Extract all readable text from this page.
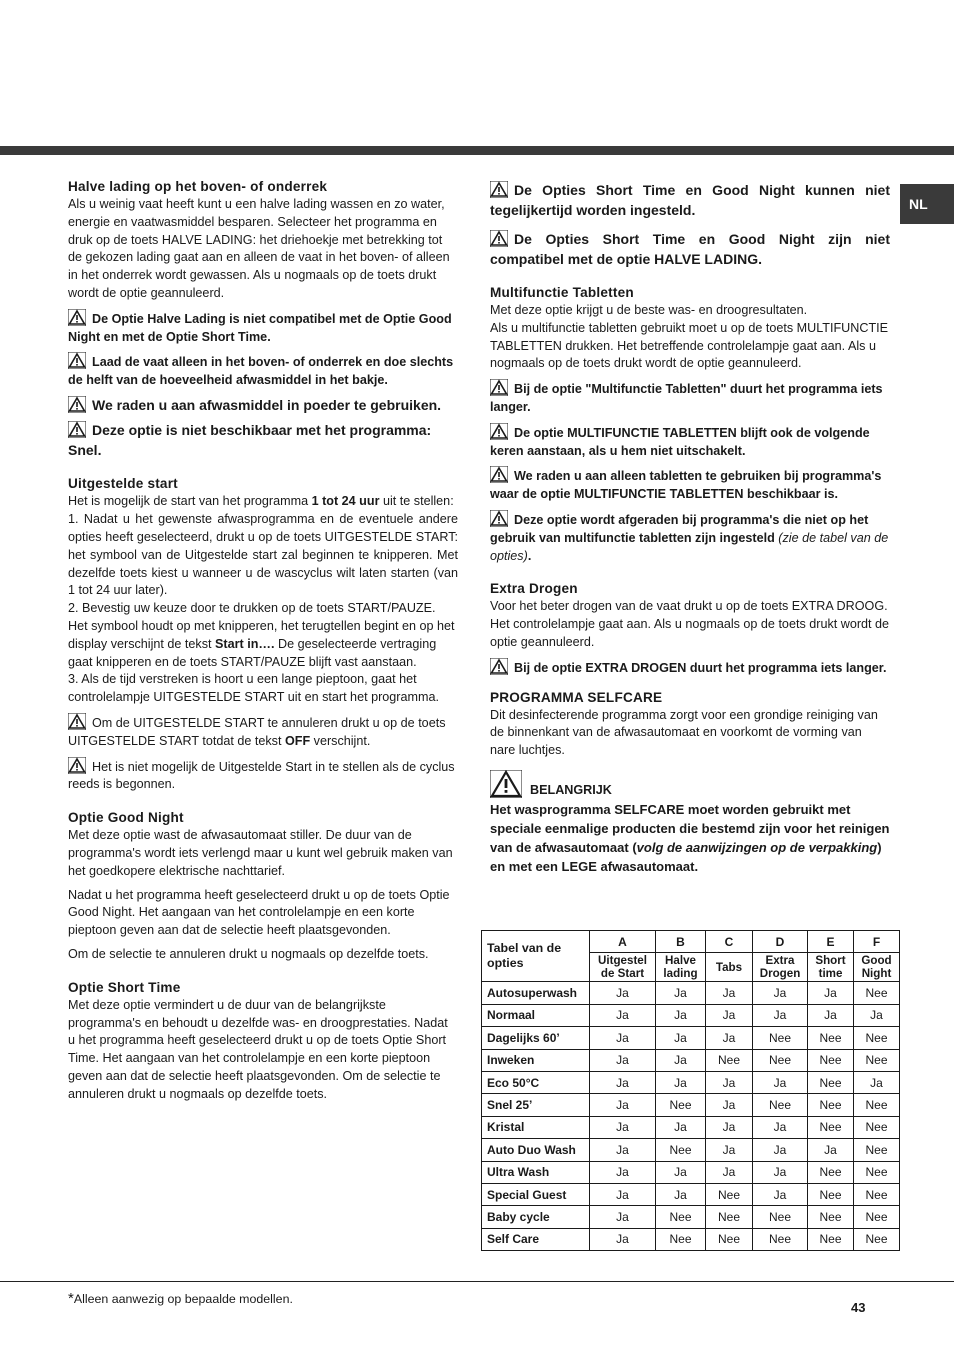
NL
Halve lading op het boven- of onderrek

Als u weinig vaat heeft kunt u een halve lading wassen en zo water, energie en vaatwasmiddel besparen. Selecteer het programma en druk op de toets HALVE LADING: het driehoekje met betrekking tot de gekozen lading gaat aan en alleen de vaat in het boven- of alleen in het onderrek wordt gewassen. Als u nogmaals op de toets drukt wordt de optie geannuleerd.

De Optie Halve Lading is niet compatibel met de Optie Good Night en met de Optie Short Time.

Laad de vaat alleen in het boven- of onderrek en doe slechts de helft van de hoeveelheid afwasmiddel in het bakje.

We raden u aan afwasmiddel in poeder te gebruiken.

Deze optie is niet beschikbaar met het programma: Snel.

Uitgestelde start

Het is mogelijk de start van het programma 1 tot 24 uur uit te stellen:

1. Nadat u het gewenste afwasprogramma en de eventuele andere opties heeft geselecteerd, drukt u op de toets UITGESTELDE START: het symbool van de Uitgestelde start zal beginnen te knipperen. Met dezelfde toets kiest u wanneer u de wascyclus wilt laten starten (van 1 tot 24 uur later).

2. Bevestig uw keuze door te drukken op de toets START/PAUZE. Het symbool houdt op met knipperen, het terugtellen begint en op het display verschijnt de tekst Start in…. De geselecteerde vertraging gaat knipperen en de toets START/PAUZE blijft vast aanstaan.

3. Als de tijd verstreken is hoort u een lange pieptoon, gaat het controlelampje UITGESTELDE START uit en start het programma.

Om de UITGESTELDE START te annuleren drukt u op de toets UITGESTELDE START totdat de tekst OFF verschijnt.

Het is niet mogelijk de Uitgestelde Start in te stellen als de cyclus reeds is begonnen.

Optie Good Night

Met deze optie wast de afwasautomaat stiller. De duur van de programma's wordt iets verlengd maar u kunt wel gebruik maken van het goedkopere elektrische nachttarief.

Nadat u het programma heeft geselecteerd drukt u op de toets Optie Good Night. Het aangaan van het controlelampje en een korte pieptoon geven aan dat de selectie heeft plaatsgevonden.

Om de selectie te annuleren drukt u nogmaals op dezelfde toets.

Optie Short Time

Met deze optie vermindert u de duur van de belangrijkste programma's en behoudt u dezelfde was- en droogprestaties. Nadat u het programma heeft geselecteerd drukt u op de toets Optie Short Time. Het aangaan van het controlelampje en een korte pieptoon geven aan dat de selectie heeft plaatsgevonden. Om de selectie te annuleren drukt u nogmaals op dezelfde toets.

De Opties Short Time en Good Night kunnen niet tegelijkertijd worden ingesteld.

De Opties Short Time en Good Night zijn niet compatibel met de optie HALVE LADING.

Multifunctie Tabletten

Met deze optie krijgt u de beste was- en droogresultaten.

Als u multifunctie tabletten gebruikt moet u op de toets MULTIFUNCTIE TABLETTEN drukken. Het betreffende controlelampje gaat aan. Als u nogmaals op de toets drukt wordt de optie geannuleerd.

Bij de optie "Multifunctie Tabletten" duurt het programma iets langer.

De optie MULTIFUNCTIE TABLETTEN blijft ook de volgende keren aanstaan, als u hem niet uitschakelt.

We raden u aan alleen tabletten te gebruiken bij programma's waar de optie MULTIFUNCTIE TABLETTEN beschikbaar is.

Deze optie wordt afgeraden bij programma's die niet op het gebruik van multifunctie tabletten zijn ingesteld (zie de tabel van de opties).

Extra Drogen

Voor het beter drogen van de vaat drukt u op de toets EXTRA DROOG. Het controlelampje gaat aan. Als u nogmaals op de toets drukt wordt de optie geannuleerd.

Bij de optie EXTRA DROGEN duurt het programma iets langer.

PROGRAMMA SELFCARE

Dit desinfecterende programma zorgt voor een grondige reiniging van de binnenkant van de afwasautomaat en voorkomt de vorming van nare luchtjes.

BELANGRIJK

Het wasprogramma SELFCARE moet worden gebruikt met speciale eenmalige producten die bestemd zijn voor het reinigen van de afwasautomaat (volg de aanwijzingen op de verpakking) en met een LEGE afwasautomaat.

Tabel van de opties	A	B	C	D	E	F
	Uitgestel de Start	Halve lading	Tabs	Extra Drogen	Short time	Good Night
Autosuperwash	Ja	Ja	Ja	Ja	Ja	Nee
Normaal	Ja	Ja	Ja	Ja	Ja	Ja
Dagelijks 60’	Ja	Ja	Ja	Nee	Nee	Nee
Inweken	Ja	Ja	Nee	Nee	Nee	Nee
Eco 50°C	Ja	Ja	Ja	Ja	Nee	Ja
Snel 25’	Ja	Nee	Ja	Nee	Nee	Nee
Kristal	Ja	Ja	Ja	Ja	Nee	Nee
Auto Duo Wash	Ja	Nee	Ja	Ja	Ja	Nee
Ultra Wash	Ja	Ja	Ja	Ja	Nee	Nee
Special Guest	Ja	Ja	Nee	Ja	Nee	Nee
Baby cycle	Ja	Nee	Nee	Nee	Nee	Nee
Self Care	Ja	Nee	Nee	Nee	Nee	Nee
*Alleen aanwezig op bepaalde modellen.
43
